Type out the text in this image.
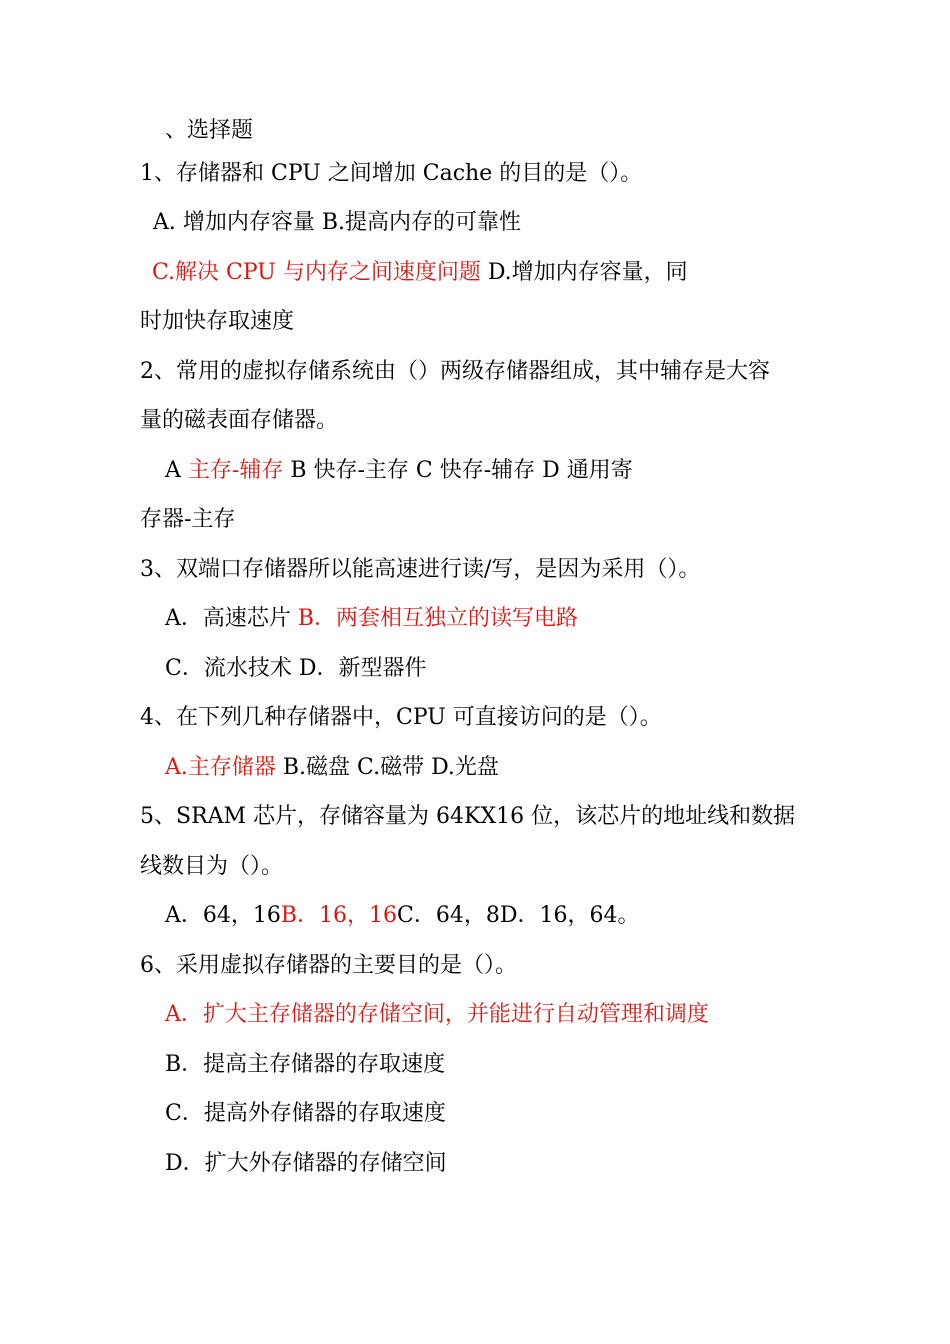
、选择题
1、存储器和 CPU 之间增加 Cache 的目的是（）。
A. 增加内存容量 B.提高内存的可靠性
C.解决 CPU 与内存之间速度问题 D.增加内存容量，同
时加快存取速度
2、常用的虚拟存储系统由（）两级存储器组成，其中辅存是大容
量的磁表面存储器。
A 主存-辅存 B 快存-主存 C 快存-辅存 D 通用寄
存器-主存
3、双端口存储器所以能高速进行读/写，是因为采用（）。
A．高速芯片 B．两套相互独立的读写电路
C．流水技术 D．新型器件
4、在下列几种存储器中，CPU 可直接访问的是（）。
A.主存储器 B.磁盘 C.磁带 D.光盘
5、SRAM 芯片，存储容量为 64KX16 位，该芯片的地址线和数据
线数目为（）。
A．64，16B．16，16C．64，8D．16，64。
6、采用虚拟存储器的主要目的是（）。
A．扩大主存储器的存储空间，并能进行自动管理和调度
B．提高主存储器的存取速度
C．提高外存储器的存取速度
D．扩大外存储器的存储空间
